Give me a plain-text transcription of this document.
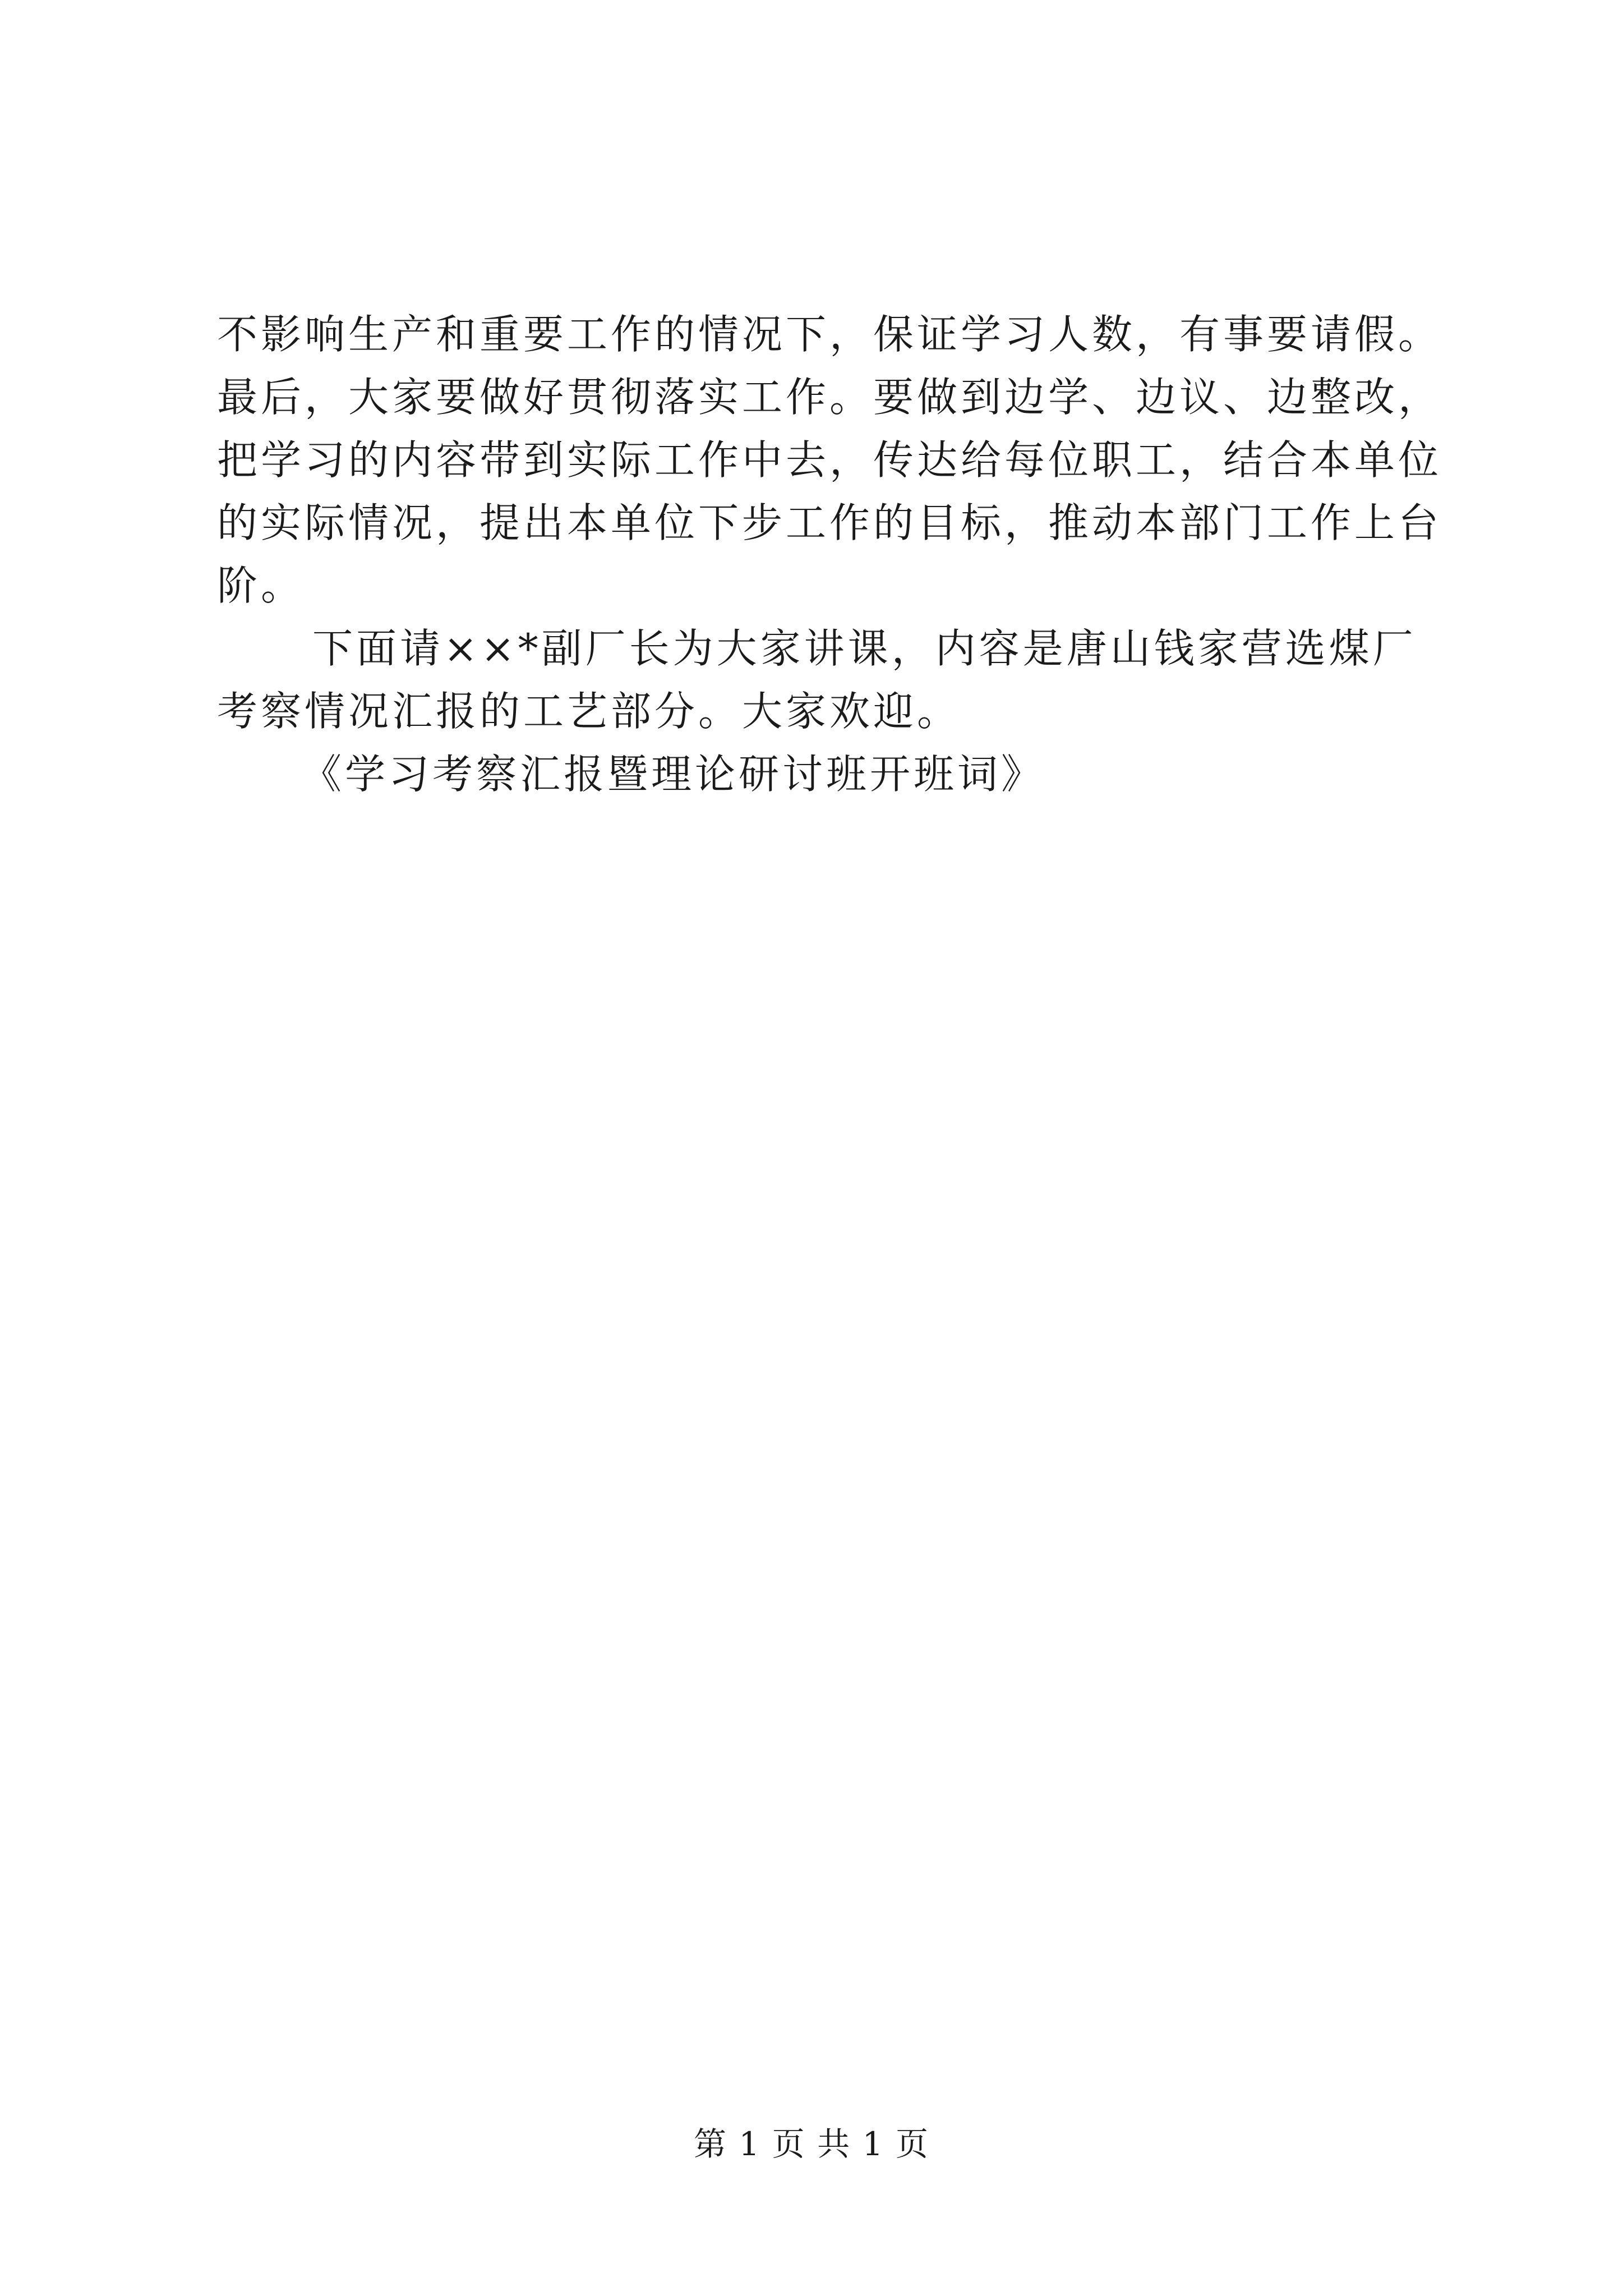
不影响生产和重要工作的情况下，保证学习人数，有事要请假。
最后，大家要做好贯彻落实工作。要做到边学、边议、边整改，
把学习的内容带到实际工作中去，传达给每位职工，结合本单位
的实际情况，提出本单位下步工作的目标，推动本部门工作上台
阶。
下面请××*副厂长为大家讲课，内容是唐山钱家营选煤厂
考察情况汇报的工艺部分。大家欢迎。
《学习考察汇报暨理论研讨班开班词》
第 1 页 共 1 页
